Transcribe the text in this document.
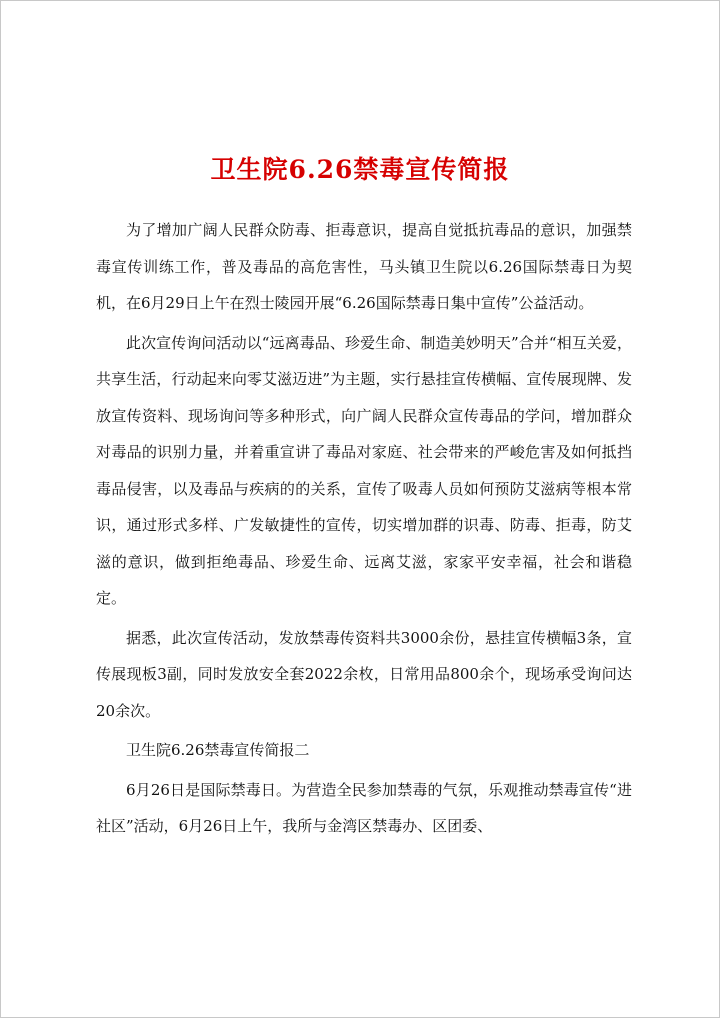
卫生院6.26禁毒宣传简报

为了增加广阔人民群众防毒、拒毒意识，提高自觉抵抗毒品的意识，加强禁毒宣传训练工作，普及毒品的高危害性，马头镇卫生院以6.26国际禁毒日为契机，在6月29日上午在烈士陵园开展“6.26国际禁毒日集中宣传”公益活动。

此次宣传询问活动以“远离毒品、珍爱生命、制造美妙明天”合并“相互关爱，共享生活，行动起来向零艾滋迈进”为主题，实行悬挂宣传横幅、宣传展现牌、发放宣传资料、现场询问等多种形式，向广阔人民群众宣传毒品的学问，增加群众对毒品的识别力量，并着重宣讲了毒品对家庭、社会带来的严峻危害及如何抵挡毒品侵害，以及毒品与疾病的的关系，宣传了吸毒人员如何预防艾滋病等根本常识，通过形式多样、广发敏捷性的宣传，切实增加群的识毒、防毒、拒毒，防艾滋的意识，做到拒绝毒品、珍爱生命、远离艾滋，家家平安幸福，社会和谐稳定。

据悉，此次宣传活动，发放禁毒传资料共3000余份，悬挂宣传横幅3条，宣传展现板3副，同时发放安全套2022余枚，日常用品800余个，现场承受询问达20余次。

卫生院6.26禁毒宣传简报二

6月26日是国际禁毒日。为营造全民参加禁毒的气氛，乐观推动禁毒宣传“进社区”活动，6月26日上午，我所与金湾区禁毒办、区团委、
